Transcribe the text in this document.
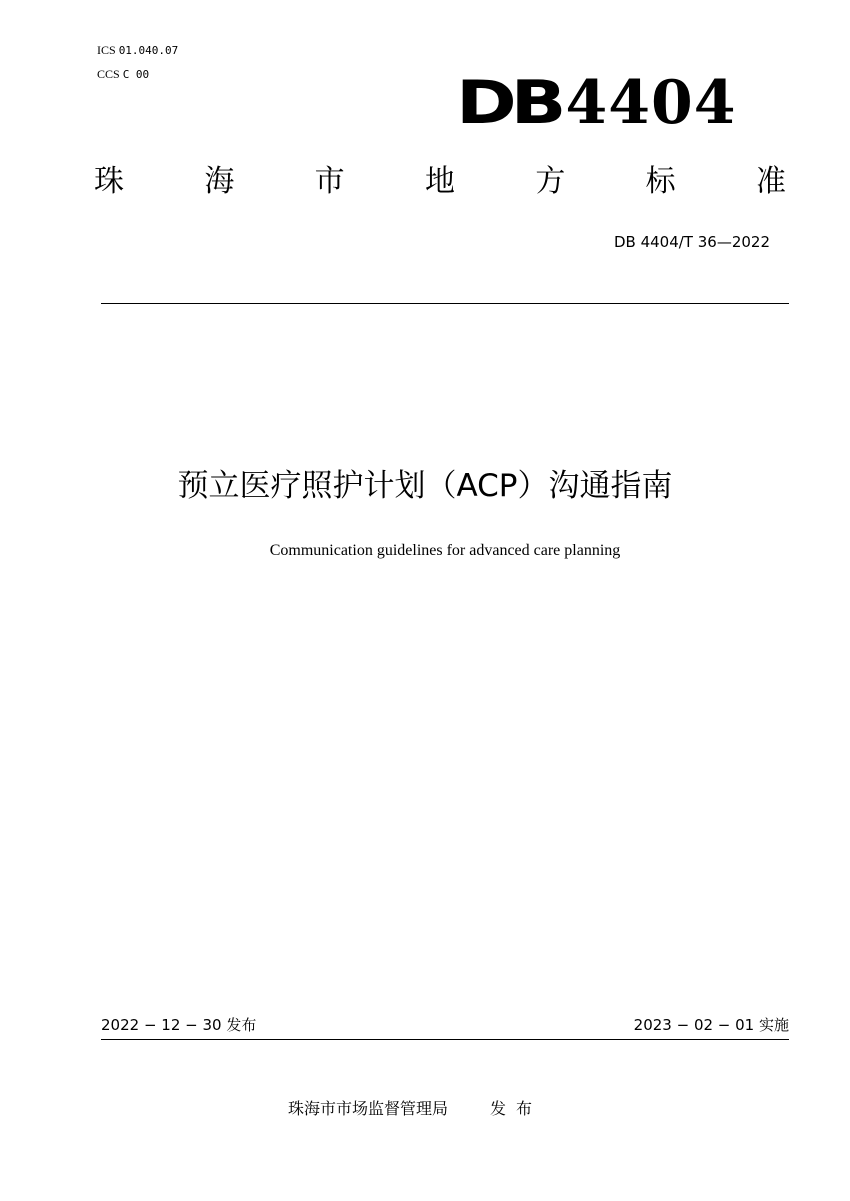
ICS 01.040.07
CCS C 00	DB 4404
珠	海	市	地	方	标	准
DB 4404/T 36—2022
预立医疗照护计划（ACP）沟通指南
Communication guidelines for advanced care planning
2022 − 12 − 30 发布	2023 − 02 − 01 实施
珠海市市场监督管理局	发布
